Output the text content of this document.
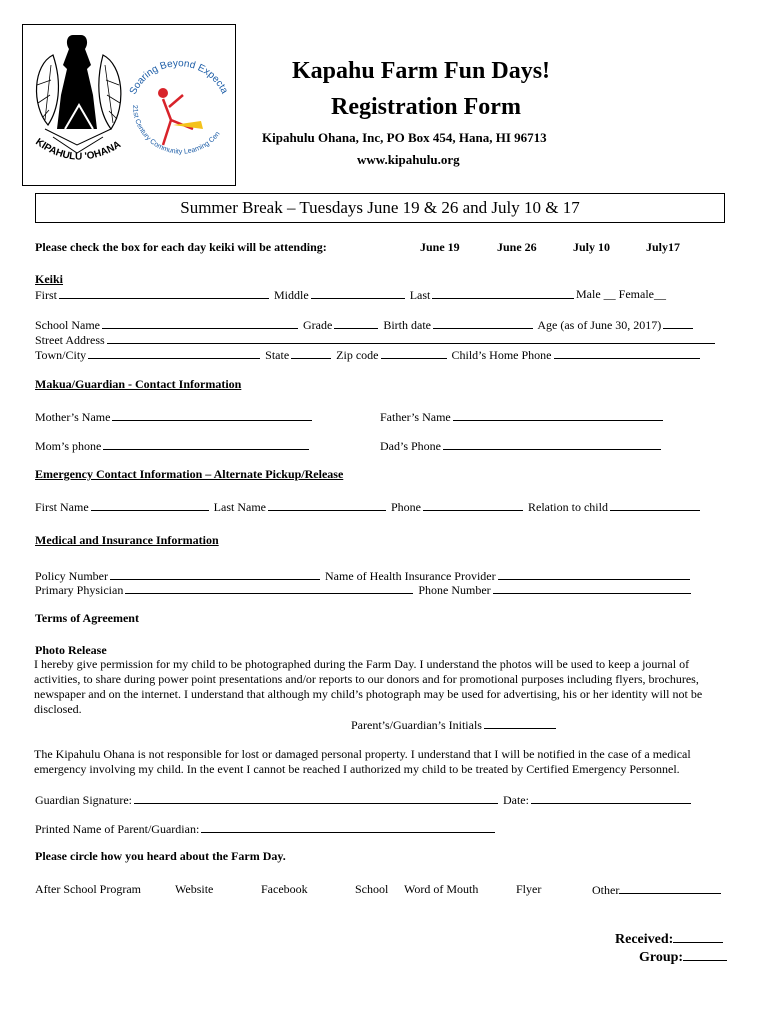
KIPAHULU 'OHANA
Soaring Beyond Expecta
21st Century Community Learning Cen
Kapahu Farm Fun Days!
Registration Form
Kipahulu Ohana, Inc, PO Box 454, Hana, HI 96713
www.kipahulu.org
Summer Break – Tuesdays June 19 & 26 and July 10 & 17
Please check the box for each day keiki will be attending:	June 19	June 26	July 10	July17
Keiki
First	Middle	Last	Male __ Female__
School Name	Grade	Birth date	Age (as of June 30, 2017)
Street Address
Town/City	State	Zip code	Child’s Home Phone
Makua/Guardian - Contact Information
Mother’s Name	Father’s Name
Mom’s phone	Dad’s Phone
Emergency Contact Information – Alternate Pickup/Release
First Name	Last Name	Phone	Relation to child
Medical and Insurance Information
Policy Number	Name of Health Insurance Provider
Primary Physician	Phone Number
Terms of Agreement
Photo Release
I hereby give permission for my child to be photographed during the Farm Day. I understand the photos will be used to keep a journal of activities, to share during power point presentations and/or reports to our donors and for promotional purposes including flyers, brochures, newspaper and on the internet. I understand that although my child’s photograph may be used for advertising, his or her identity will not be disclosed.
Parent’s/Guardian’s Initials
The Kipahulu Ohana is not responsible for lost or damaged personal property. I understand that I will be notified in the case of a medical emergency involving my child. In the event I cannot be reached I authorized my child to be treated by Certified Emergency Personnel.
Guardian Signature:	Date:
Printed Name of Parent/Guardian:
Please circle how you heard about the Farm Day.
After School Program	Website	Facebook	School Word of Mouth	Flyer	Other
Received:
Group:
